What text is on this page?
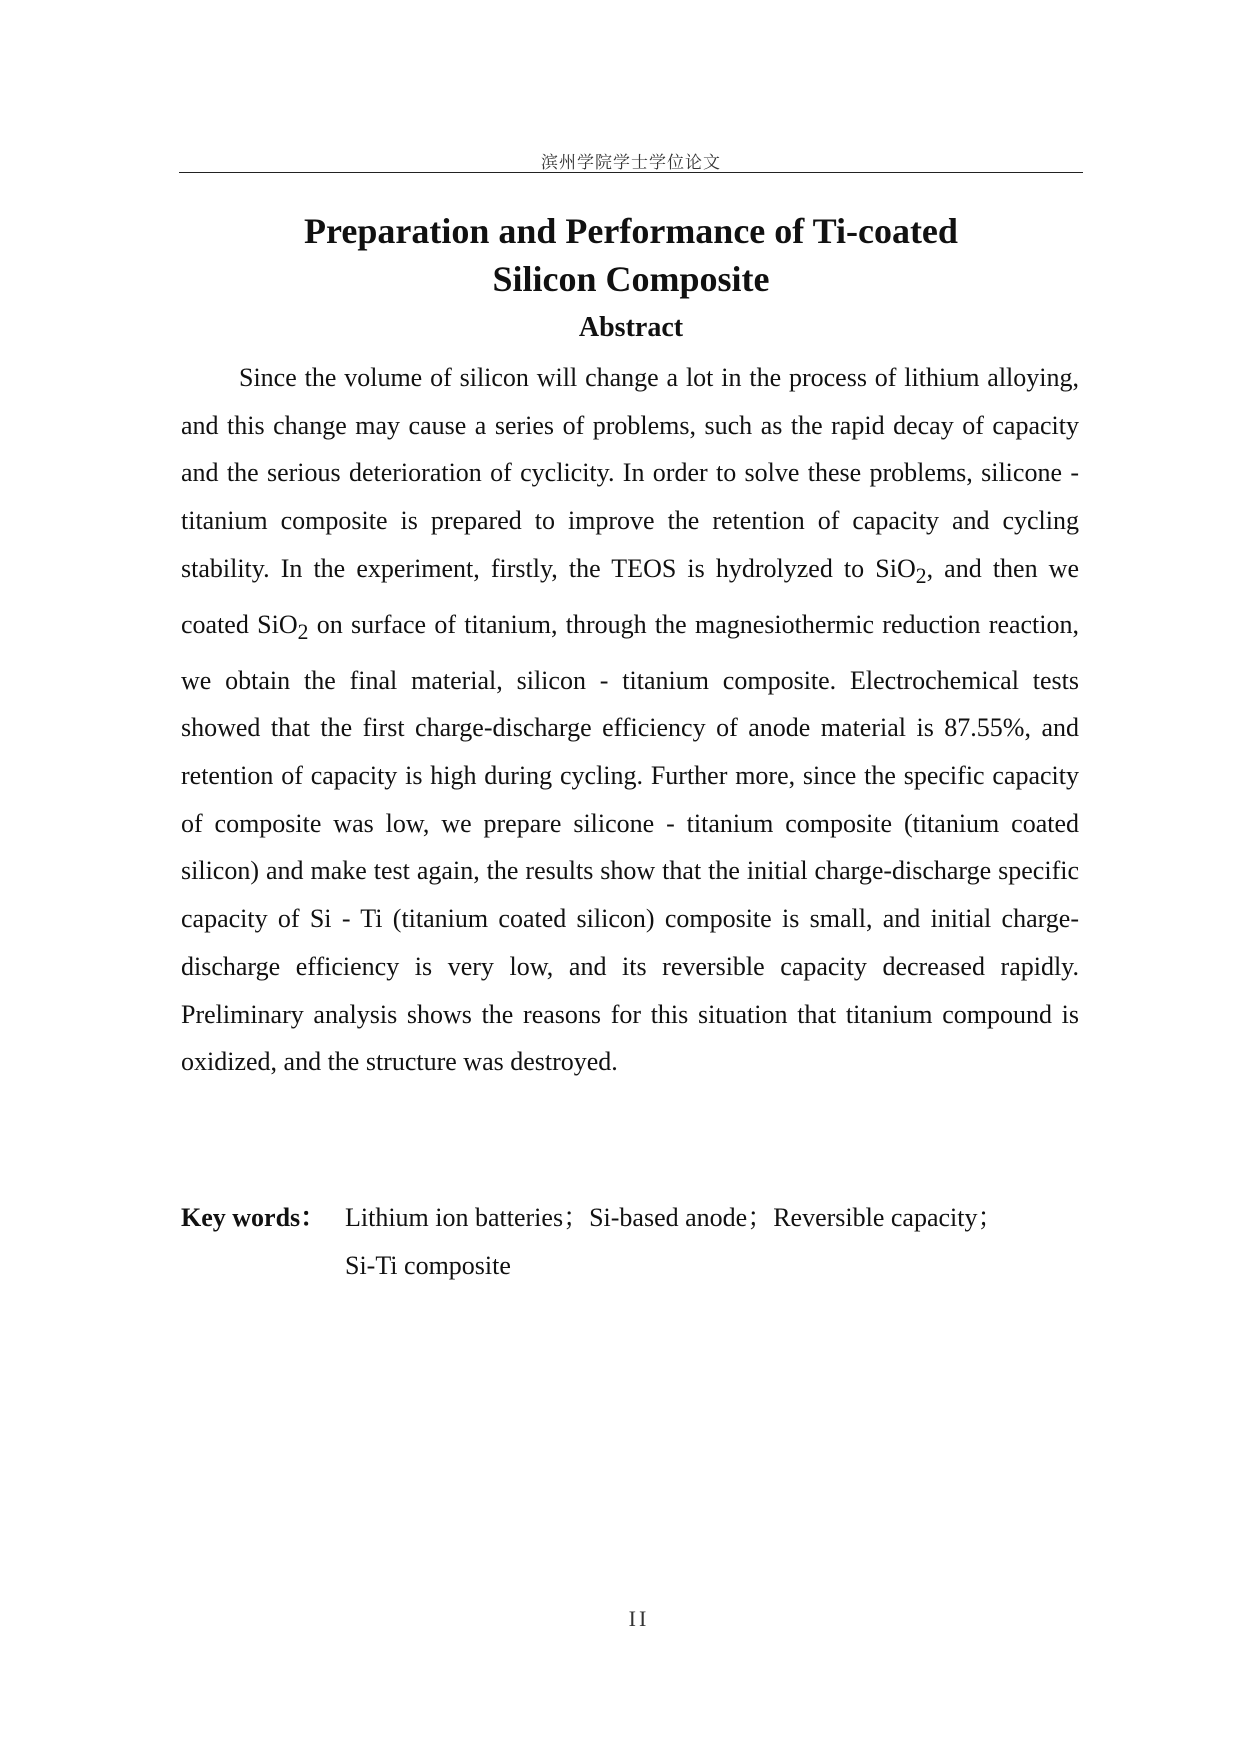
滨州学院学士学位论文
Preparation and Performance of Ti-coated
Silicon Composite
Abstract

Since the volume of silicon will change a lot in the process of lithium alloying, and this change may cause a series of problems, such as the rapid decay of capacity and the serious deterioration of cyclicity. In order to solve these problems, silicone - titanium composite is prepared to improve the retention of capacity and cycling stability. In the experiment, firstly, the TEOS is hydrolyzed to SiO$_2$, and then we coated SiO$_2$ on surface of titanium, through the magnesiothermic reduction reaction, we obtain the final material, silicon - titanium composite. Electrochemical tests showed that the first charge-discharge efficiency of anode material is 87.55%, and retention of capacity is high during cycling. Further more, since the specific capacity of composite was low, we prepare silicone - titanium composite (titanium coated silicon) and make test again, the results show that the initial charge-discharge specific capacity of Si - Ti (titanium coated silicon) composite is small, and initial charge-discharge efficiency is very low, and its reversible capacity decreased rapidly. Preliminary analysis shows the reasons for this situation that titanium compound is oxidized, and the structure was destroyed.

Key words： Lithium ion batteries；Si-based anode；Reversible capacity；
Si-Ti composite
II
